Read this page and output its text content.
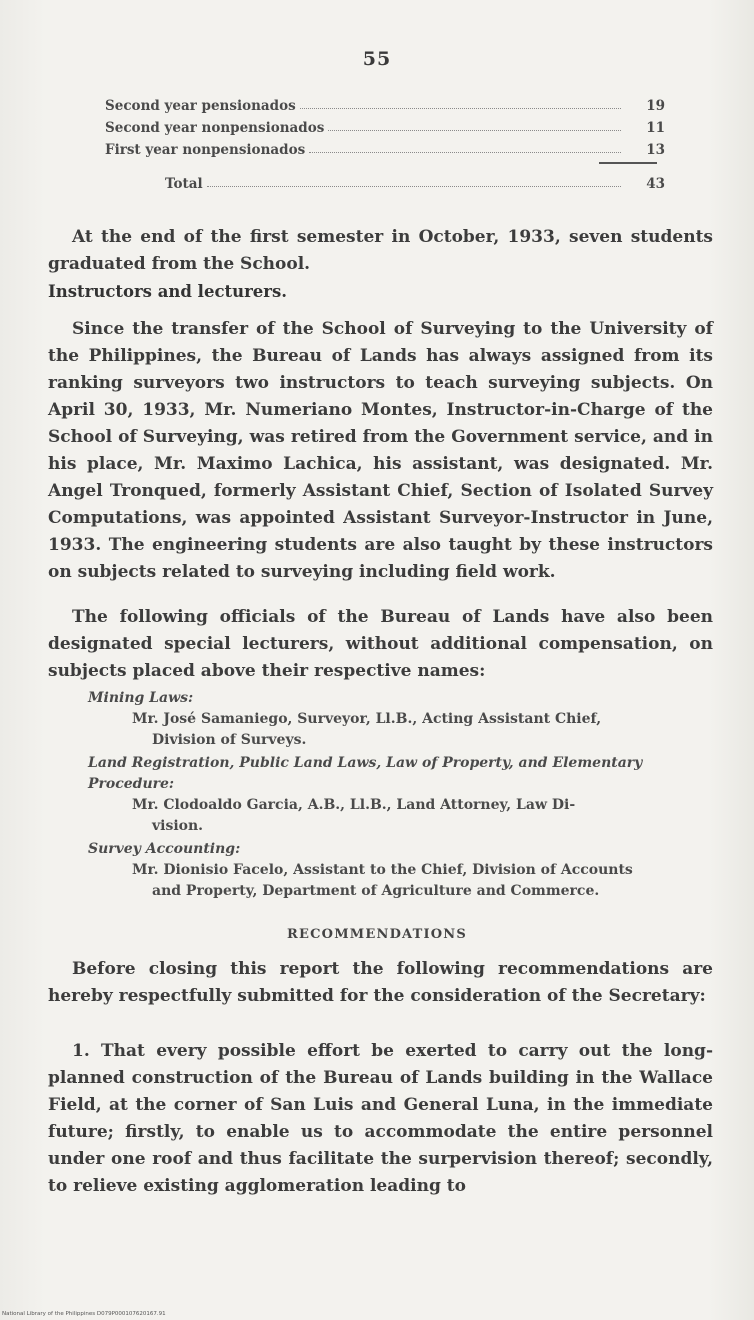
55
Second year pensionados	19
Second year nonpensionados	11
First year nonpensionados	13
Total	43

At the end of the first semester in October, 1933, seven students graduated from the School.

Instructors and lecturers.

Since the transfer of the School of Surveying to the University of the Philippines, the Bureau of Lands has always assigned from its ranking surveyors two instructors to teach surveying subjects. On April 30, 1933, Mr. Numeriano Montes, Instructor-in-Charge of the School of Surveying, was retired from the Government service, and in his place, Mr. Maximo Lachica, his assistant, was designated. Mr. Angel Tronqued, formerly Assistant Chief, Section of Isolated Survey Computations, was appointed Assistant Surveyor-Instructor in June, 1933. The engineering students are also taught by these instructors on subjects related to surveying including field work.

The following officials of the Bureau of Lands have also been designated special lecturers, without additional compensation, on subjects placed above their respective names:

Mining Laws:

Mr. José Samaniego, Surveyor, Ll.B., Acting Assistant Chief,
Division of Surveys.

Land Registration, Public Land Laws, Law of Property, and Elementary Procedure:

Mr. Clodoaldo Garcia, A.B., Ll.B., Land Attorney, Law Di-
vision.

Survey Accounting:

Mr. Dionisio Facelo, Assistant to the Chief, Division of Accounts
and Property, Department of Agriculture and Commerce.

RECOMMENDATIONS

Before closing this report the following recommendations are hereby respectfully submitted for the consideration of the Secretary:

1. That every possible effort be exerted to carry out the long-planned construction of the Bureau of Lands building in the Wallace Field, at the corner of San Luis and General Luna, in the immediate future; firstly, to enable us to accommodate the entire personnel under one roof and thus facilitate the surpervision thereof; secondly, to relieve existing agglomeration leading to

National Library of the Philippines D079P000107620167.91
